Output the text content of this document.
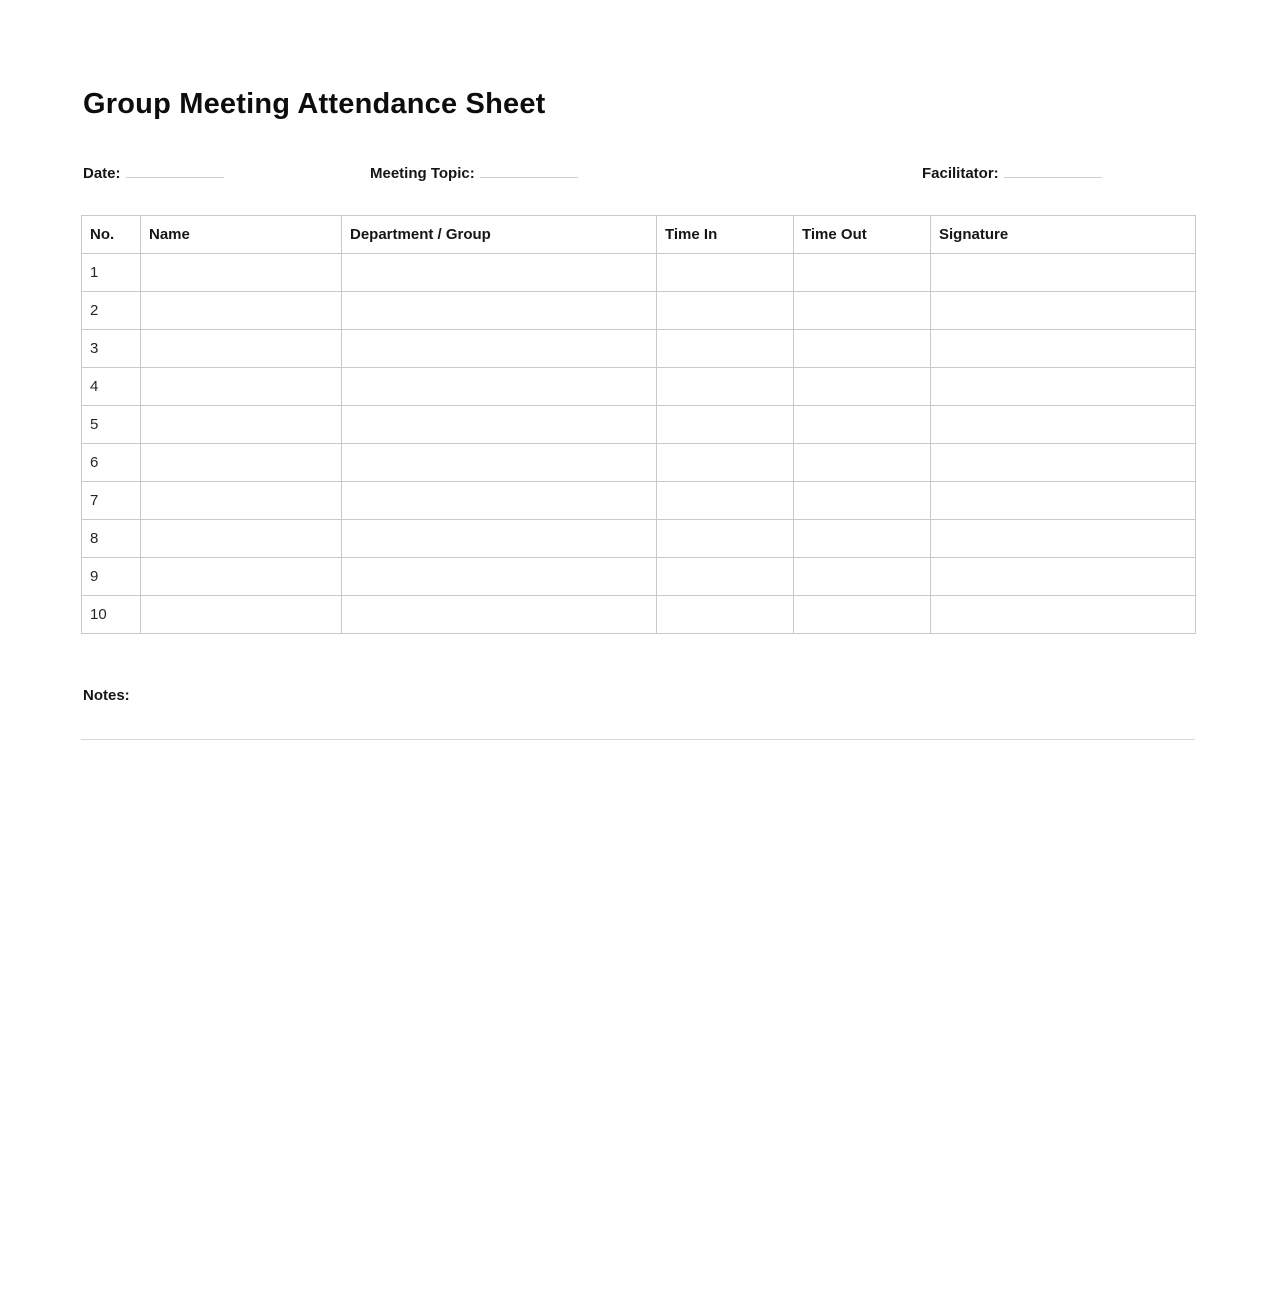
Group Meeting Attendance Sheet
Date:	Meeting Topic:	Facilitator:
No.	Name	Department / Group	Time In	Time Out	Signature
1					
2					
3					
4					
5					
6					
7					
8					
9					
10					
Notes:
